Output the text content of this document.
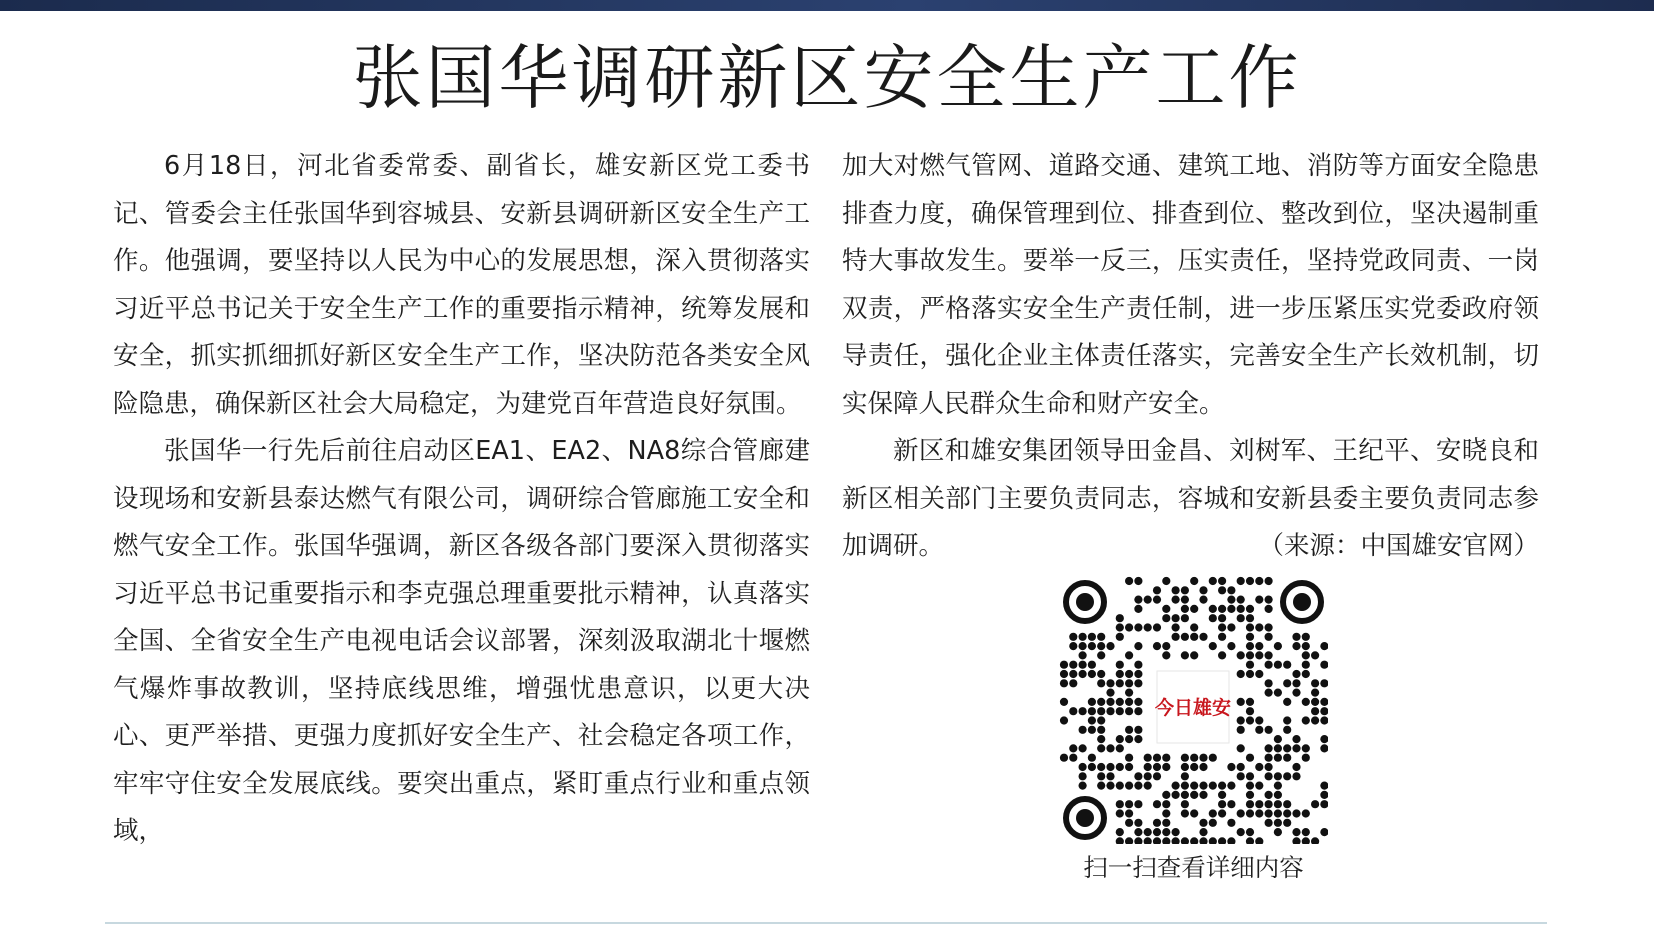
张国华调研新区安全生产工作

6月18日，河北省委常委、副省长，雄安新区党工委书记、管委会主任张国华到容城县、安新县调研新区安全生产工作。他强调，要坚持以人民为中心的发展思想，深入贯彻落实习近平总书记关于安全生产工作的重要指示精神，统筹发展和安全，抓实抓细抓好新区安全生产工作，坚决防范各类安全风险隐患，确保新区社会大局稳定，为建党百年营造良好氛围。

张国华一行先后前往启动区EA1、EA2、NA8综合管廊建设现场和安新县泰达燃气有限公司，调研综合管廊施工安全和燃气安全工作。张国华强调，新区各级各部门要深入贯彻落实习近平总书记重要指示和李克强总理重要批示精神，认真落实全国、全省安全生产电视电话会议部署，深刻汲取湖北十堰燃气爆炸事故教训，坚持底线思维，增强忧患意识，以更大决心、更严举措、更强力度抓好安全生产、社会稳定各项工作，牢牢守住安全发展底线。要突出重点，紧盯重点行业和重点领域，

加大对燃气管网、道路交通、建筑工地、消防等方面安全隐患排查力度，确保管理到位、排查到位、整改到位，坚决遏制重特大事故发生。要举一反三，压实责任，坚持党政同责、一岗双责，严格落实安全生产责任制，进一步压紧压实党委政府领导责任，强化企业主体责任落实，完善安全生产长效机制，切实保障人民群众生命和财产安全。

新区和雄安集团领导田金昌、刘树军、王纪平、安晓良和新区相关部门主要负责同志，容城和安新县委主要负责同志参加调研。	（来源：中国雄安官网）

今日雄安
扫一扫查看详细内容
